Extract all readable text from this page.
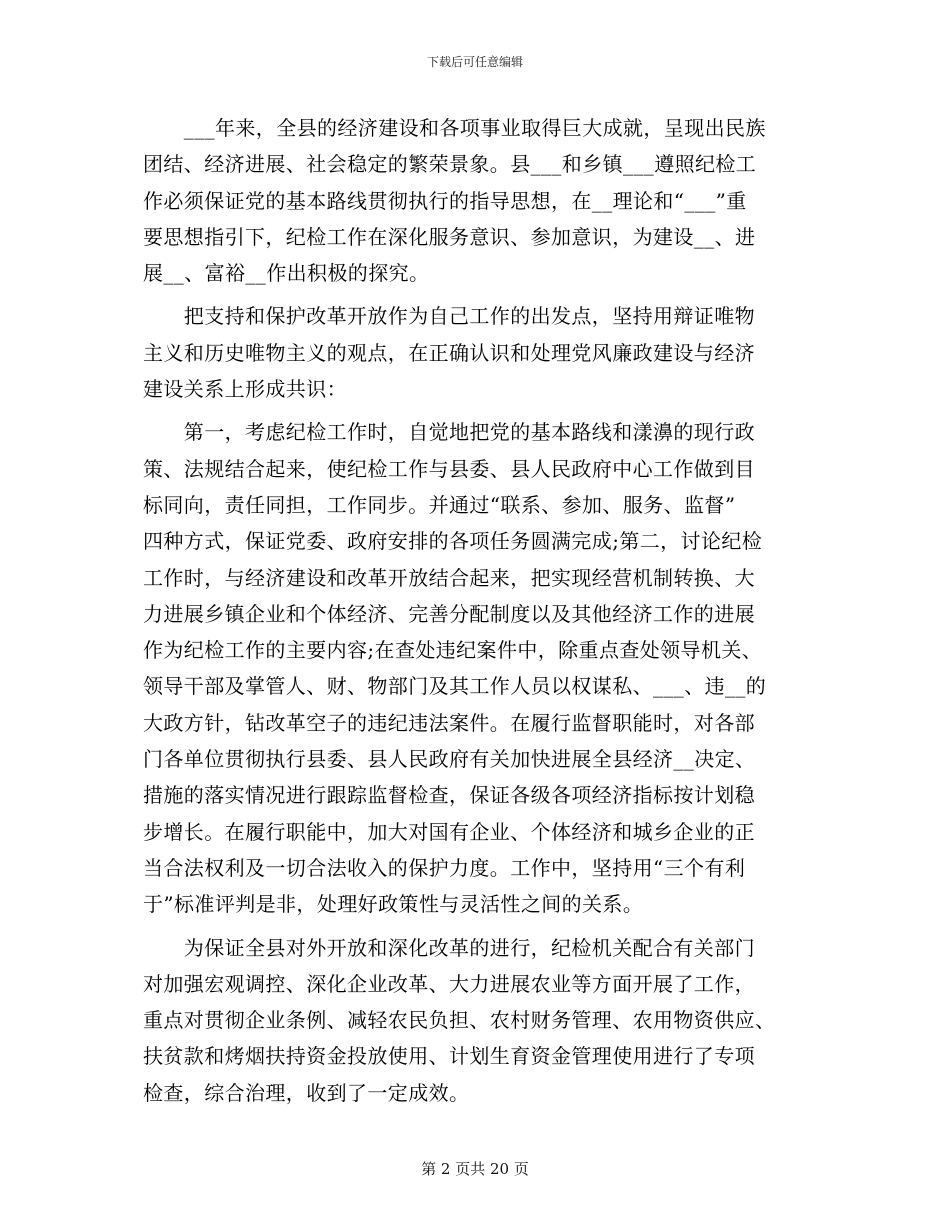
下载后可任意编辑
　　___年来，全县的经济建设和各项事业取得巨大成就，呈现出民族
团结、经济进展、社会稳定的繁荣景象。县___和乡镇___遵照纪检工
作必须保证党的基本路线贯彻执行的指导思想，在__理论和“___”重
要思想指引下，纪检工作在深化服务意识、参加意识，为建设__、进
展__、富裕__作出积极的探究。
　　把支持和保护改革开放作为自己工作的出发点，坚持用辩证唯物
主义和历史唯物主义的观点，在正确认识和处理党风廉政建设与经济
建设关系上形成共识：
　　第一，考虑纪检工作时，自觉地把党的基本路线和漾濞的现行政
策、法规结合起来，使纪检工作与县委、县人民政府中心工作做到目
标同向，责任同担，工作同步。并通过“联系、参加、服务、监督”
四种方式，保证党委、政府安排的各项任务圆满完成;第二，讨论纪检
工作时，与经济建设和改革开放结合起来，把实现经营机制转换、大
力进展乡镇企业和个体经济、完善分配制度以及其他经济工作的进展
作为纪检工作的主要内容;在查处违纪案件中，除重点查处领导机关、
领导干部及掌管人、财、物部门及其工作人员以权谋私、___、违__的
大政方针，钻改革空子的违纪违法案件。在履行监督职能时，对各部
门各单位贯彻执行县委、县人民政府有关加快进展全县经济__决定、
措施的落实情况进行跟踪监督检查，保证各级各项经济指标按计划稳
步增长。在履行职能中，加大对国有企业、个体经济和城乡企业的正
当合法权利及一切合法收入的保护力度。工作中，坚持用“三个有利
于”标准评判是非，处理好政策性与灵活性之间的关系。
　　为保证全县对外开放和深化改革的进行，纪检机关配合有关部门
对加强宏观调控、深化企业改革、大力进展农业等方面开展了工作，
重点对贯彻企业条例、减轻农民负担、农村财务管理、农用物资供应、
扶贫款和烤烟扶持资金投放使用、计划生育资金管理使用进行了专项
检查，综合治理，收到了一定成效。
第 2 页共 20 页
